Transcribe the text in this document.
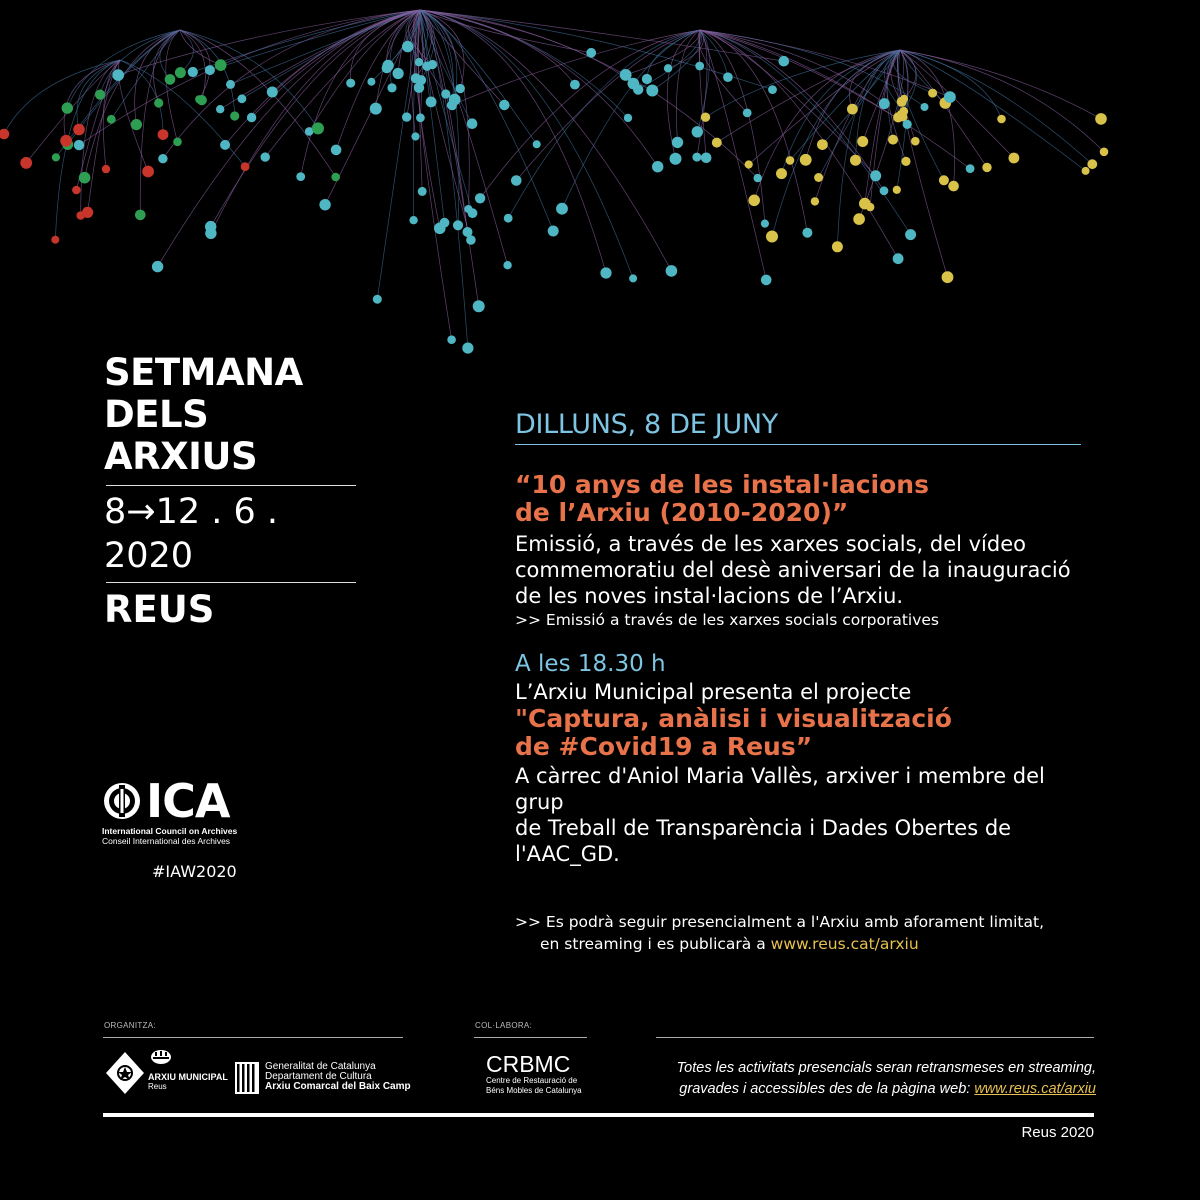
SETMANA
DELS ARXIUS
8→12 . 6 . 2020
REUS
ICA
International Council on Archives
Conseil International des Archives
#IAW2020
DILLUNS, 8 DE JUNY
“10 anys de les instal·lacions
de l’Arxiu (2010-2020)”
Emissió, a través de les xarxes socials, del vídeo
commemoratiu del desè aniversari de la inauguració
de les noves instal·lacions de l’Arxiu.
>> Emissió a través de les xarxes socials corporatives
A les 18.30 h
L’Arxiu Municipal presenta el projecte
"Captura, anàlisi i visualització
de #Covid19 a Reus”
A càrrec d'Aniol Maria Vallès, arxiver i membre del grup
de Treball de Transparència i Dades Obertes de l'AAC_GD.
>> Es podrà seguir presencialment a l'Arxiu amb aforament limitat,
en streaming i es publicarà a www.reus.cat/arxiu
ORGANITZA:	COL·LABORA:
ARXIU MUNICIPAL
Reus
Generalitat de Catalunya
Departament de Cultura
Arxiu Comarcal del Baix Camp
CRBMC
Centre de Restauració de
Béns Mobles de Catalunya
Totes les activitats presencials seran retransmeses en streaming,
gravades i accessibles des de la pàgina web: www.reus.cat/arxiu
Reus 2020
